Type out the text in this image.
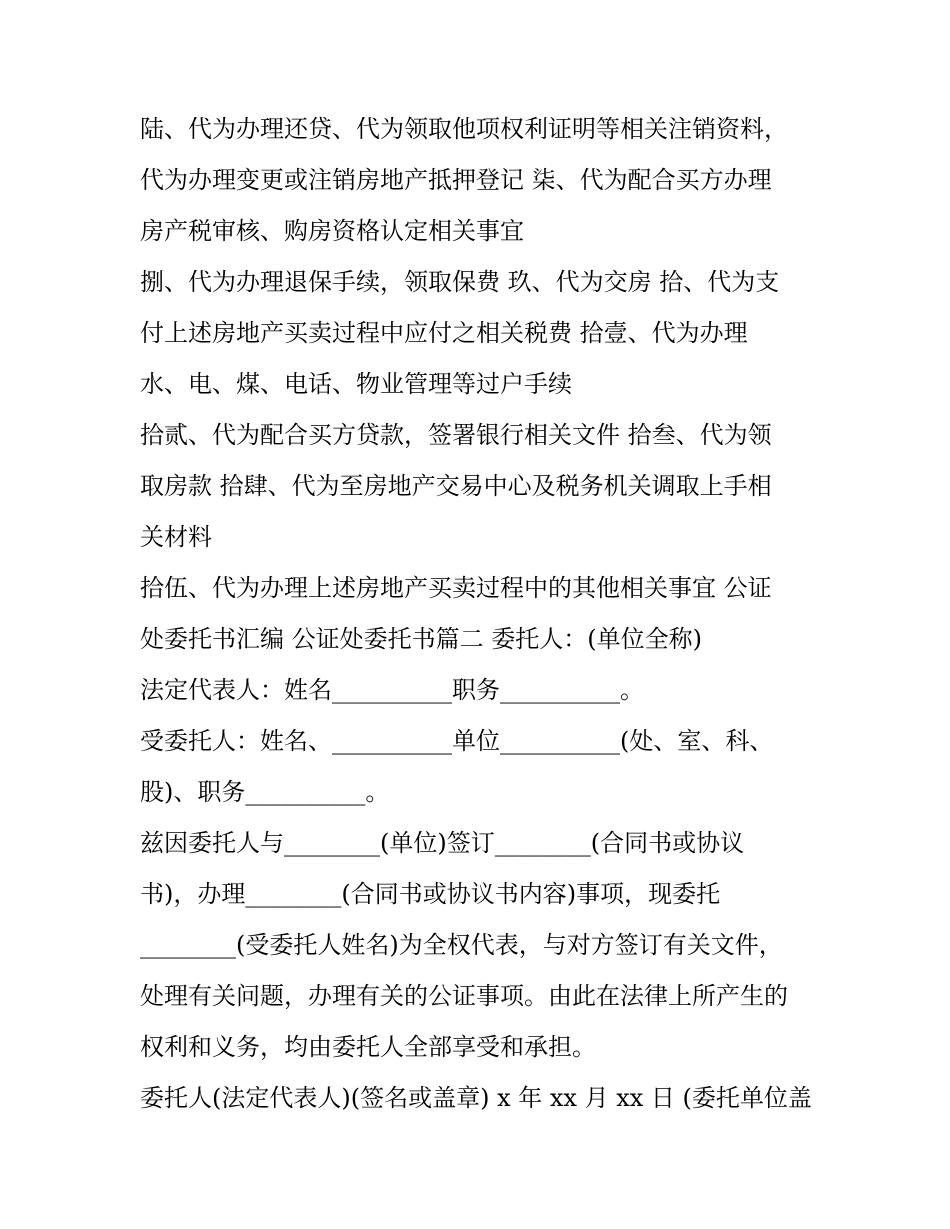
陆、代为办理还贷、代为领取他项权利证明等相关注销资料，
代为办理变更或注销房地产抵押登记 柒、代为配合买方办理
房产税审核、购房资格认定相关事宜
捌、代为办理退保手续，领取保费 玖、代为交房 拾、代为支
付上述房地产买卖过程中应付之相关税费 拾壹、代为办理
水、电、煤、电话、物业管理等过户手续
拾贰、代为配合买方贷款，签署银行相关文件 拾叁、代为领
取房款 拾肆、代为至房地产交易中心及税务机关调取上手相
关材料
拾伍、代为办理上述房地产买卖过程中的其他相关事宜 公证
处委托书汇编 公证处委托书篇二 委托人：(单位全称)
法定代表人：姓名__________职务__________。
受委托人：姓名、__________单位__________(处、室、科、
股)、职务__________。
兹因委托人与________(单位)签订________(合同书或协议
书)，办理________(合同书或协议书内容)事项，现委托
________(受委托人姓名)为全权代表，与对方签订有关文件，
处理有关问题，办理有关的公证事项。由此在法律上所产生的
权利和义务，均由委托人全部享受和承担。
委托人(法定代表人)(签名或盖章) x 年 xx 月 xx 日 (委托单位盖
